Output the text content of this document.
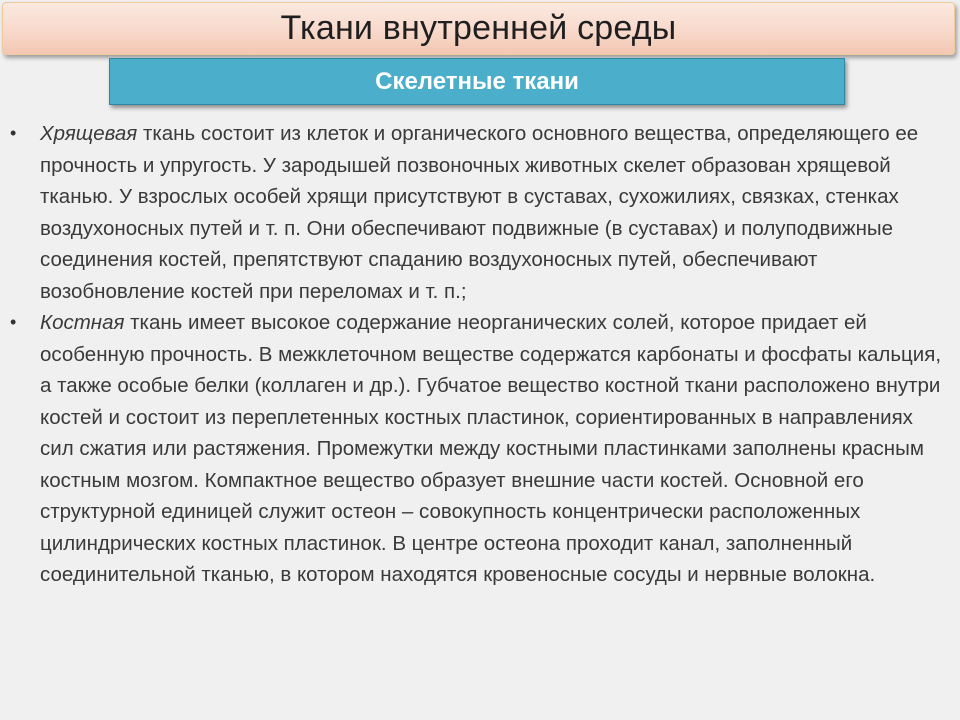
Ткани внутренней среды
Скелетные ткани
•	Хрящевая ткань состоит из клеток и органического основного вещества, определяющего ее прочность и упругость. У зародышей позвоночных животных скелет образован хрящевой тканью. У взрослых особей хрящи присутствуют в суставах, сухожилиях, связках, стенках воздухоносных путей и т. п. Они обеспечивают подвижные (в суставах) и полуподвижные соединения костей, препятствуют спаданию воздухоносных путей, обеспечивают возобновление костей при переломах и т. п.;
•	Костная ткань имеет высокое содержание неорганических солей, которое придает ей особенную прочность. В межклеточном веществе содержатся карбонаты и фосфаты кальция, а также особые белки (коллаген и др.). Губчатое вещество костной ткани расположено внутри костей и состоит из переплетенных костных пластинок, сориентированных в направлениях сил сжатия или растяжения. Промежутки между костными пластинками заполнены красным костным мозгом. Компактное вещество образует внешние части костей. Основной его структурной единицей служит остеон – совокупность концентрически расположенных цилиндрических костных пластинок. В центре остеона проходит канал, заполненный соединительной тканью, в котором находятся кровеносные сосуды и нервные волокна.
